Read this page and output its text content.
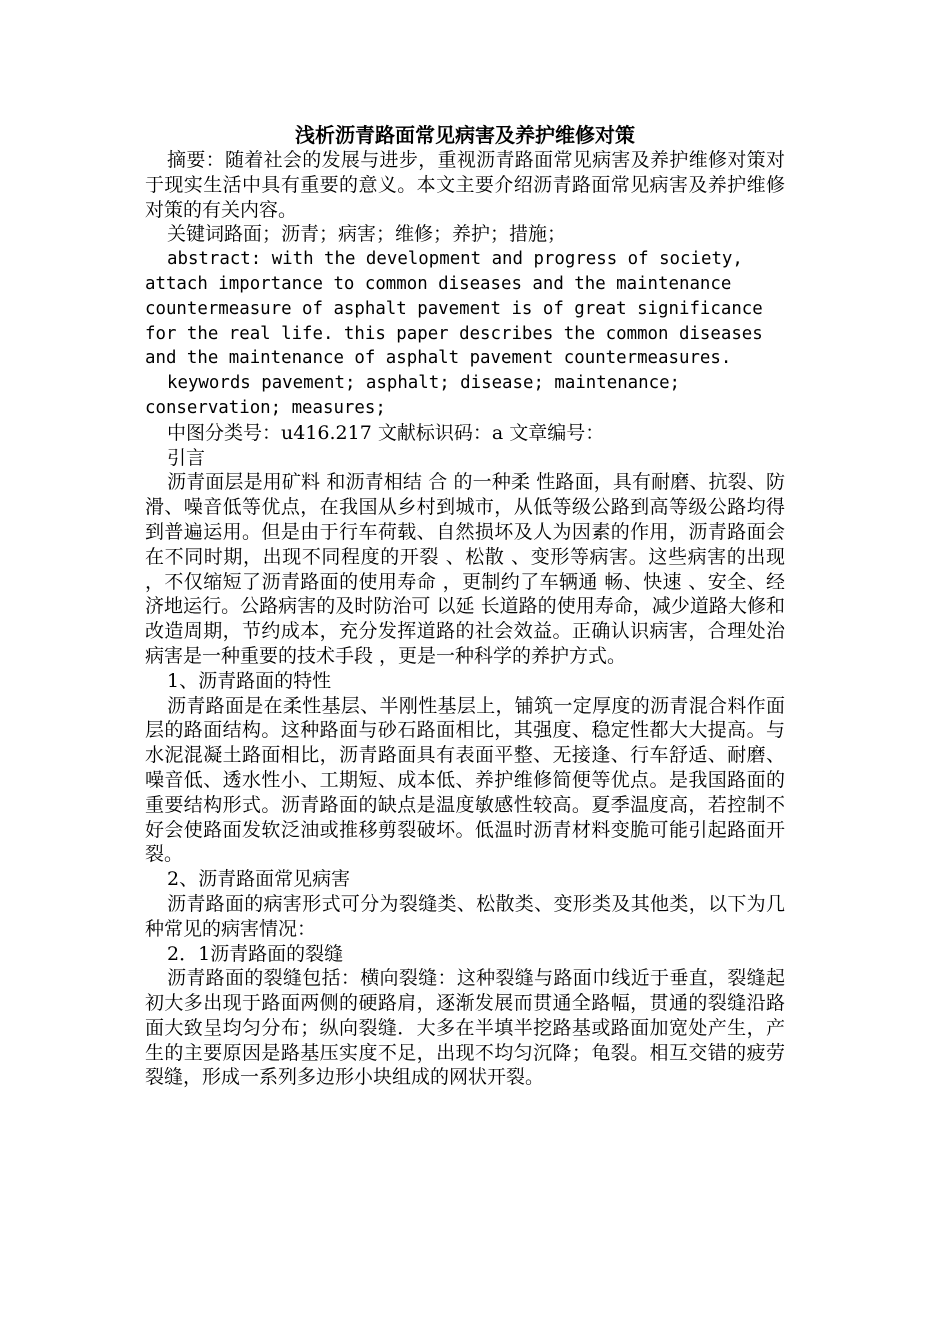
浅析沥青路面常见病害及养护维修对策

摘要：随着社会的发展与进步，重视沥青路面常见病害及养护维修对策对于现实生活中具有重要的意义。本文主要介绍沥青路面常见病害及养护维修对策的有关内容。

关键词路面；沥青；病害；维修；养护；措施；

abstract: with the development and progress of society, attach importance to common diseases and the maintenance countermeasure of asphalt pavement is of great significance for the real life. this paper describes the common diseases and the maintenance of asphalt pavement countermeasures.

keywords pavement; asphalt; disease; maintenance; conservation; measures;

中图分类号：u416.217 文献标识码：a 文章编号：

引言

沥青面层是用矿料 和沥青相结 合 的一种柔 性路面，具有耐磨、抗裂、防滑、噪音低等优点，在我国从乡村到城市，从低等级公路到高等级公路均得到普遍运用。但是由于行车荷载、自然损坏及人为因素的作用，沥青路面会在不同时期，出现不同程度的开裂 、松散 、变形等病害。这些病害的出现 ，不仅缩短了沥青路面的使用寿命 ，更制约了车辆通 畅、快速 、安全、经济地运行。公路病害的及时防治可 以延 长道路的使用寿命，减少道路大修和改造周期，节约成本，充分发挥道路的社会效益。正确认识病害，合理处治病害是一种重要的技术手段 ，更是一种科学的养护方式。

1、沥青路面的特性

沥青路面是在柔性基层、半刚性基层上，铺筑一定厚度的沥青混合料作面层的路面结构。这种路面与砂石路面相比，其强度、稳定性都大大提高。与水泥混凝土路面相比，沥青路面具有表面平整、无接逢、行车舒适、耐磨、噪音低、透水性小、工期短、成本低、养护维修简便等优点。是我国路面的重要结构形式。沥青路面的缺点是温度敏感性较高。夏季温度高，若控制不好会使路面发软泛油或推移剪裂破坏。低温时沥青材料变脆可能引起路面开裂。

2、沥青路面常见病害

沥青路面的病害形式可分为裂缝类、松散类、变形类及其他类，以下为几种常见的病害情况：

2．1沥青路面的裂缝

沥青路面的裂缝包括：横向裂缝：这种裂缝与路面巾线近于垂直，裂缝起初大多出现于路面两侧的硬路肩，逐渐发展而贯通全路幅，贯通的裂缝沿路面大致呈均匀分布；纵向裂缝．大多在半填半挖路基或路面加宽处产生，产生的主要原因是路基压实度不足，出现不均匀沉降；龟裂。相互交错的疲劳裂缝，形成一系列多边形小块组成的网状开裂。
